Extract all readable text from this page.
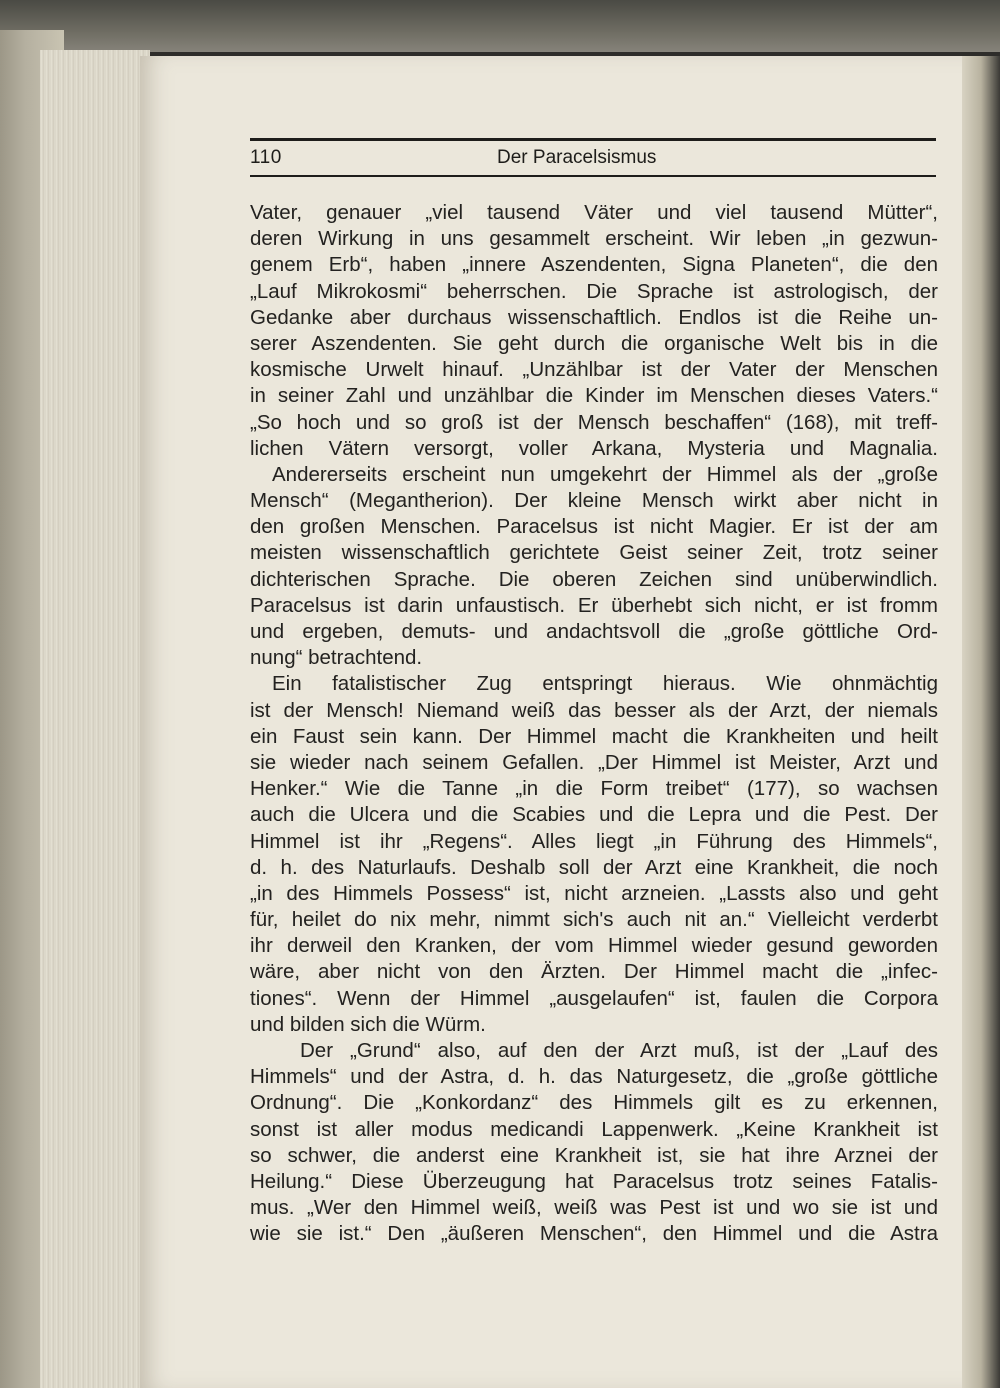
110	Der Paracelsismus
Vater, genauer „viel tausend Väter und viel tausend Mütter“,
deren Wirkung in uns gesammelt erscheint. Wir leben „in gezwun-
genem Erb“, haben „innere Aszendenten, Signa Planeten“, die den
„Lauf Mikrokosmi“ beherrschen. Die Sprache ist astrologisch, der
Gedanke aber durchaus wissenschaftlich. Endlos ist die Reihe un-
serer Aszendenten. Sie geht durch die organische Welt bis in die
kosmische Urwelt hinauf. „Unzählbar ist der Vater der Menschen
in seiner Zahl und unzählbar die Kinder im Menschen dieses Vaters.“
„So hoch und so groß ist der Mensch beschaffen“ (168), mit treff-
lichen Vätern versorgt, voller Arkana, Mysteria und Magnalia.
Andererseits erscheint nun umgekehrt der Himmel als der „große
Mensch“ (Megantherion). Der kleine Mensch wirkt aber nicht in
den großen Menschen. Paracelsus ist nicht Magier. Er ist der am
meisten wissenschaftlich gerichtete Geist seiner Zeit, trotz seiner
dichterischen Sprache. Die oberen Zeichen sind unüberwindlich.
Paracelsus ist darin unfaustisch. Er überhebt sich nicht, er ist fromm
und ergeben, demuts- und andachtsvoll die „große göttliche Ord-
nung“ betrachtend.
Ein fatalistischer Zug entspringt hieraus. Wie ohnmächtig
ist der Mensch! Niemand weiß das besser als der Arzt, der niemals
ein Faust sein kann. Der Himmel macht die Krankheiten und heilt
sie wieder nach seinem Gefallen. „Der Himmel ist Meister, Arzt und
Henker.“ Wie die Tanne „in die Form treibet“ (177), so wachsen
auch die Ulcera und die Scabies und die Lepra und die Pest. Der
Himmel ist ihr „Regens“. Alles liegt „in Führung des Himmels“,
d. h. des Naturlaufs. Deshalb soll der Arzt eine Krankheit, die noch
„in des Himmels Possess“ ist, nicht arzneien. „Lassts also und geht
für, heilet do nix mehr, nimmt sich's auch nit an.“ Vielleicht verderbt
ihr derweil den Kranken, der vom Himmel wieder gesund geworden
wäre, aber nicht von den Ärzten. Der Himmel macht die „infec-
tiones“. Wenn der Himmel „ausgelaufen“ ist, faulen die Corpora
und bilden sich die Würm.
Der „Grund“ also, auf den der Arzt muß, ist der „Lauf des
Himmels“ und der Astra, d. h. das Naturgesetz, die „große göttliche
Ordnung“. Die „Konkordanz“ des Himmels gilt es zu erkennen,
sonst ist aller modus medicandi Lappenwerk. „Keine Krankheit ist
so schwer, die anderst eine Krankheit ist, sie hat ihre Arznei der
Heilung.“ Diese Überzeugung hat Paracelsus trotz seines Fatalis-
mus. „Wer den Himmel weiß, weiß was Pest ist und wo sie ist und
wie sie ist.“ Den „äußeren Menschen“, den Himmel und die Astra
